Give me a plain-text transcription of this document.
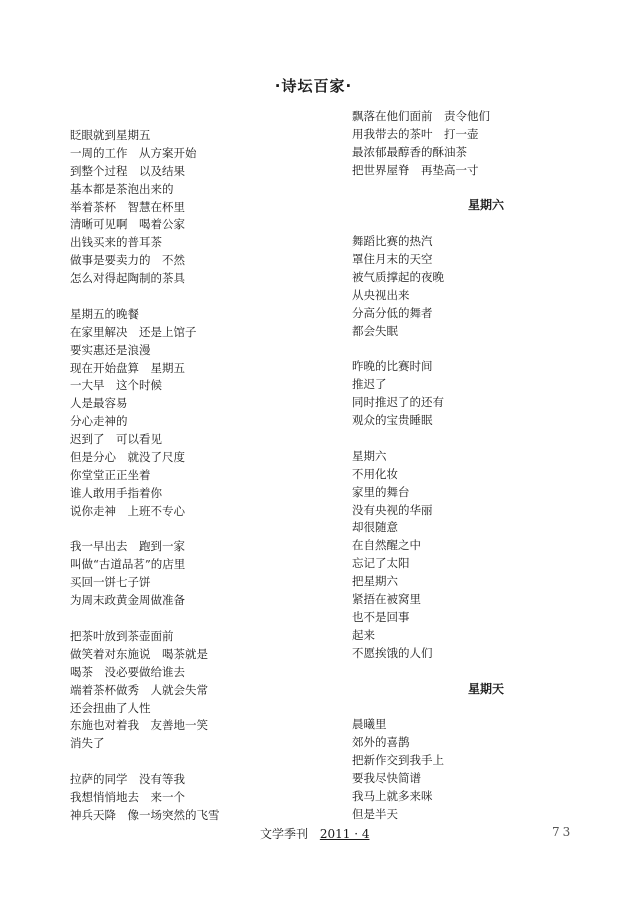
·诗坛百家·
眨眼就到星期五
一周的工作　从方案开始
到整个过程　以及结果
基本都是茶泡出来的
举着茶杯　智慧在杯里
清晰可见啊　喝着公家
出钱买来的普耳茶
做事是要卖力的　不然
怎么对得起陶制的茶具
星期五的晚餐
在家里解决　还是上馆子
要实惠还是浪漫
现在开始盘算　星期五
一大早　这个时候
人是最容易
分心走神的
迟到了　可以看见
但是分心　就没了尺度
你堂堂正正坐着
谁人敢用手指着你
说你走神　上班不专心
我一早出去　跑到一家
叫做“古道品茗”的店里
买回一饼七子饼
为周末政黄金周做准备
把茶叶放到茶壶面前
做笑着对东施说　喝茶就是
喝茶　没必要做给谁去
端着茶杯做秀　人就会失常
还会扭曲了人性
东施也对着我　友善地一笑
消失了
拉萨的同学　没有等我
我想悄悄地去　来一个
神兵天降　像一场突然的飞雪
飘落在他们面前　责令他们
用我带去的茶叶　打一壶
最浓郁最醇香的酥油茶
把世界屋脊　再垫高一寸
星期六
舞蹈比赛的热汽
罩住月末的天空
被气质撑起的夜晚
从央视出来
分高分低的舞者
都会失眠
昨晚的比赛时间
推迟了
同时推迟了的还有
观众的宝贵睡眠
星期六
不用化妆
家里的舞台
没有央视的华丽
却很随意
在自然醒之中
忘记了太阳
把星期六
紧捂在被窝里
也不是回事
起来
不愿挨饿的人们
星期天
晨曦里
郊外的喜鹊
把新作交到我手上
要我尽快简谱
我马上就多来咪
但是半天
文学季刊 2011 · 4	73
